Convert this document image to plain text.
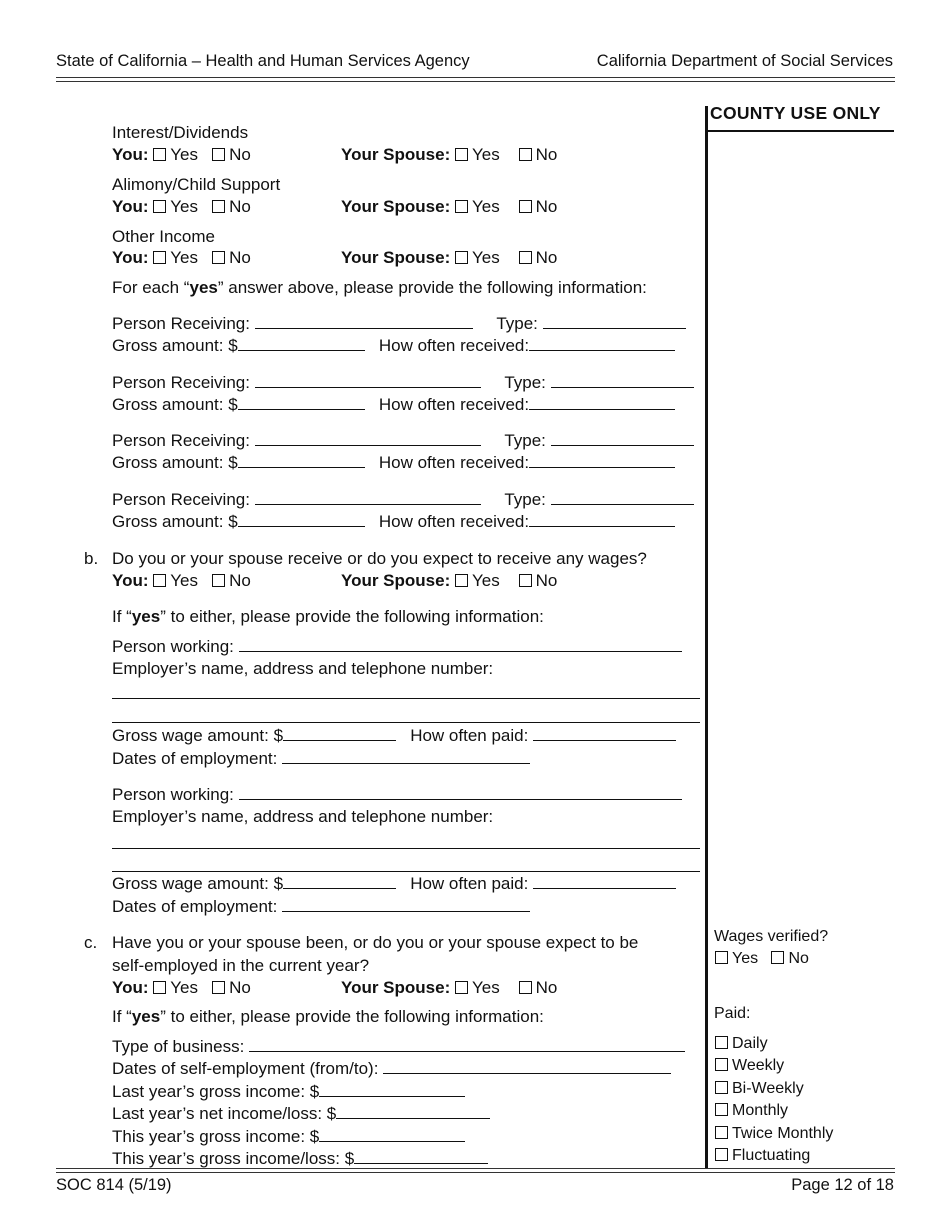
State of California – Health and Human Services Agency	California Department of Social Services
COUNTY USE ONLY
Interest/Dividends
You: Yes No	Your Spouse: Yes No
Alimony/Child Support
You: Yes No	Your Spouse: Yes No
Other Income
You: Yes No	Your Spouse: Yes No
For each “yes” answer above, please provide the following information:
Person Receiving:	Type:
Gross amount: $	How often received:
Person Receiving:	Type:
Gross amount: $	How often received:
Person Receiving:	Type:
Gross amount: $	How often received:
Person Receiving:	Type:
Gross amount: $	How often received:
b. Do you or your spouse receive or do you expect to receive any wages?
You: Yes No	Your Spouse: Yes No
If “yes” to either, please provide the following information:
Person working:
Employer’s name, address and telephone number:
Gross wage amount: $	How often paid:
Dates of employment:
Person working:
Employer’s name, address and telephone number:
Gross wage amount: $	How often paid:
Dates of employment:
c. Have you or your spouse been, or do you or your spouse expect to be
self-employed in the current year?
You: Yes No	Your Spouse: Yes No
If “yes” to either, please provide the following information:
Type of business:
Dates of self-employment (from/to):
Last year’s gross income: $
Last year’s net income/loss: $
This year’s gross income: $
This year’s gross income/loss: $
Wages verified?
Yes No
Paid:
Daily
Weekly
Bi-Weekly
Monthly
Twice Monthly
Fluctuating
SOC 814 (5/19)	Page 12 of 18
